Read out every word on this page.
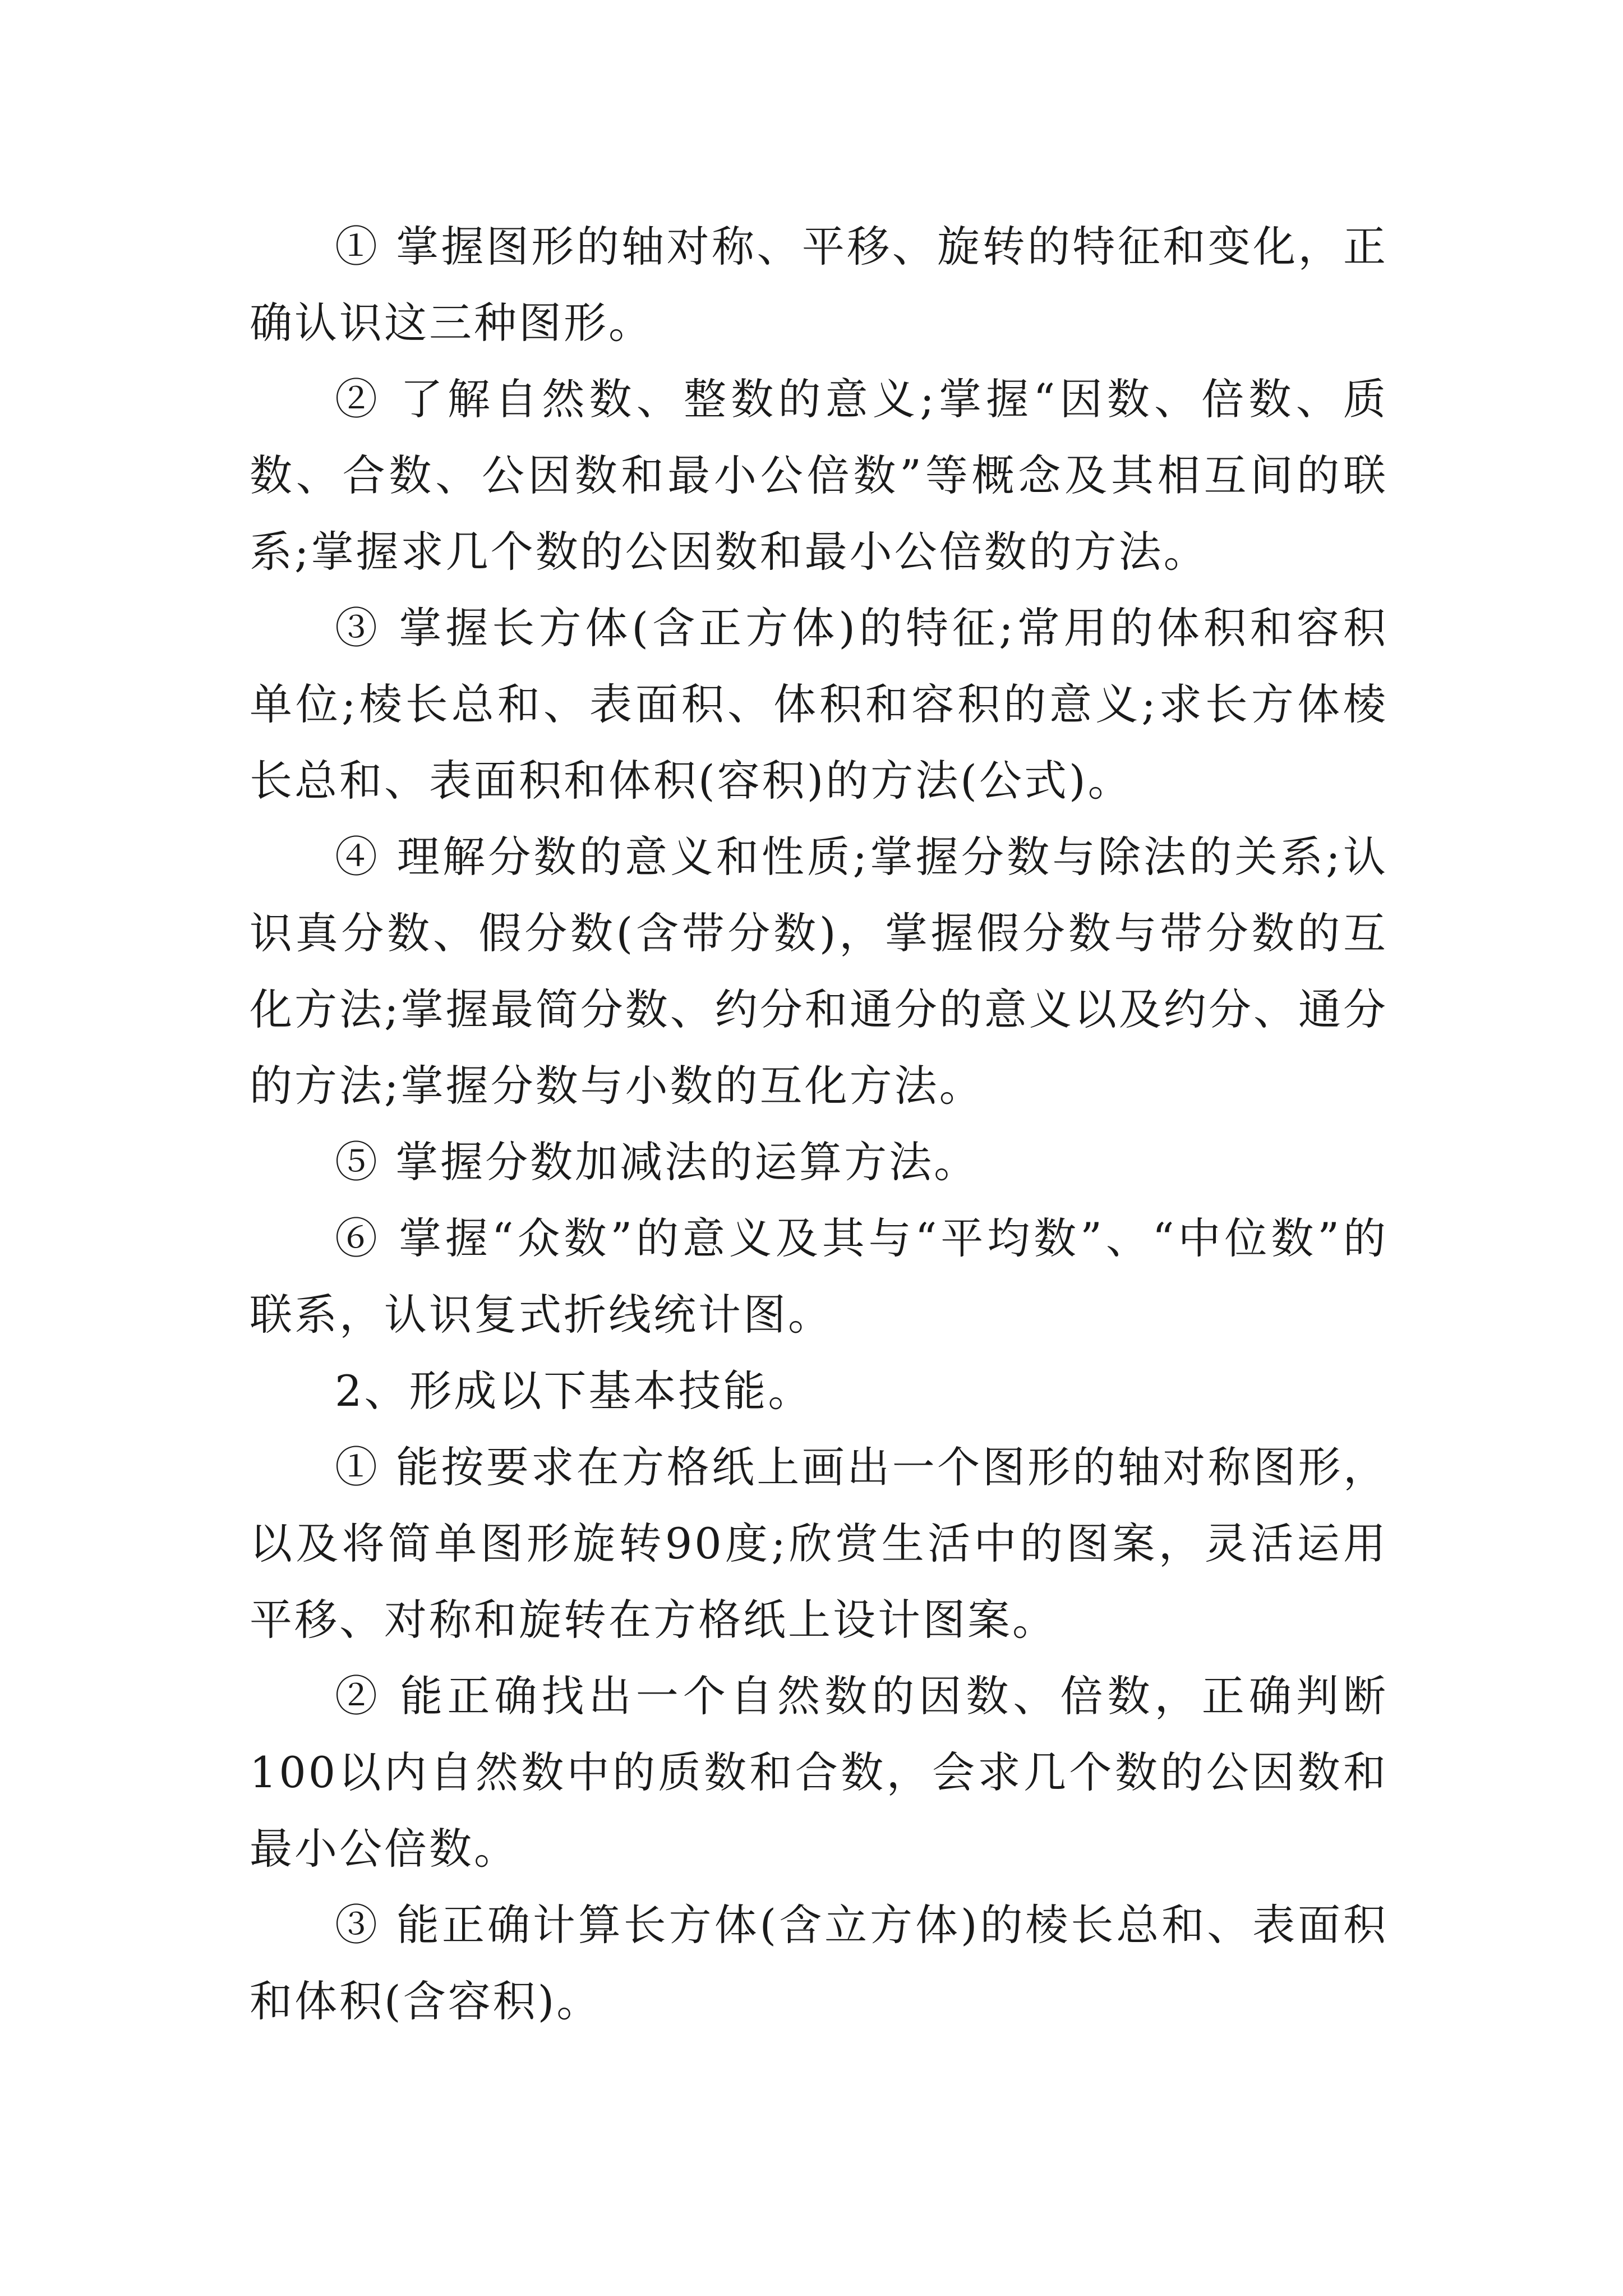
① 掌握图形的轴对称、平移、旋转的特征和变化，正确认识这三种图形。

② 了解自然数、整数的意义;掌握“因数、倍数、质数、合数、公因数和最小公倍数”等概念及其相互间的联系;掌握求几个数的公因数和最小公倍数的方法。

③ 掌握长方体(含正方体)的特征;常用的体积和容积单位;棱长总和、表面积、体积和容积的意义;求长方体棱长总和、表面积和体积(容积)的方法(公式)。

④ 理解分数的意义和性质;掌握分数与除法的关系;认识真分数、假分数(含带分数)，掌握假分数与带分数的互化方法;掌握最简分数、约分和通分的意义以及约分、通分的方法;掌握分数与小数的互化方法。

⑤ 掌握分数加减法的运算方法。

⑥ 掌握“众数”的意义及其与“平均数”、“中位数”的联系，认识复式折线统计图。

2、形成以下基本技能。

① 能按要求在方格纸上画出一个图形的轴对称图形，以及将简单图形旋转90度;欣赏生活中的图案，灵活运用平移、对称和旋转在方格纸上设计图案。

② 能正确找出一个自然数的因数、倍数，正确判断100以内自然数中的质数和合数，会求几个数的公因数和最小公倍数。

③ 能正确计算长方体(含立方体)的棱长总和、表面积和体积(含容积)。
